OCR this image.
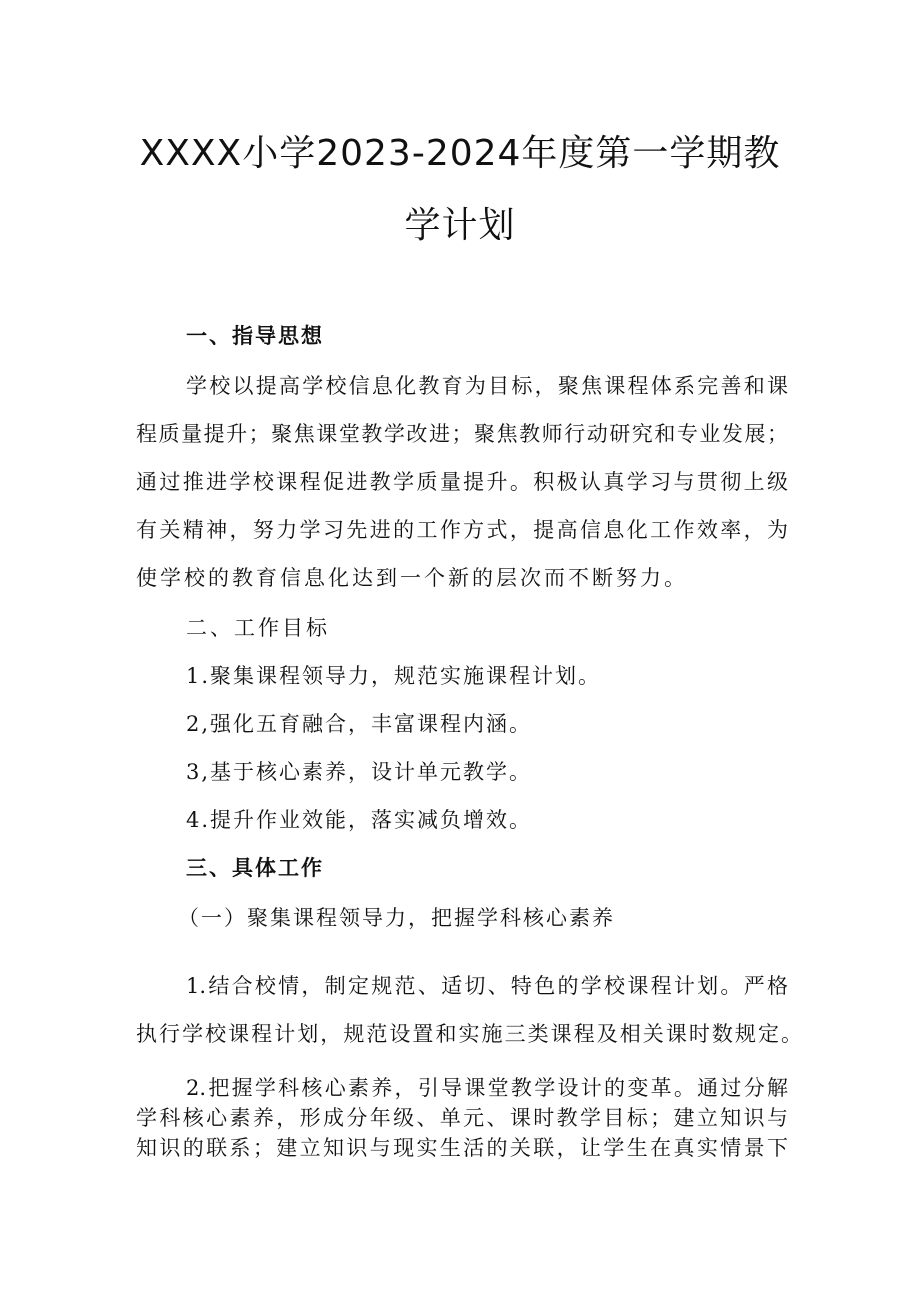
XXXX小学2023-2024年度第一学期教
学计划
一、指导思想
学校以提高学校信息化教育为目标，聚焦课程体系完善和课
程质量提升；聚焦课堂教学改进；聚焦教师行动研究和专业发展；
通过推进学校课程促进教学质量提升。积极认真学习与贯彻上级
有关精神，努力学习先进的工作方式，提高信息化工作效率，为
使学校的教育信息化达到一个新的层次而不断努力。
二、工作目标
1.聚集课程领导力，规范实施课程计划。
2,强化五育融合，丰富课程内涵。
3,基于核心素养，设计单元教学。
4.提升作业效能，落实减负增效。
三、具体工作
（一）聚集课程领导力，把握学科核心素养
1.结合校情，制定规范、适切、特色的学校课程计划。严格
执行学校课程计划，规范设置和实施三类课程及相关课时数规定。
2.把握学科核心素养，引导课堂教学设计的变革。通过分解
学科核心素养，形成分年级、单元、课时教学目标；建立知识与
知识的联系；建立知识与现实生活的关联，让学生在真实情景下
